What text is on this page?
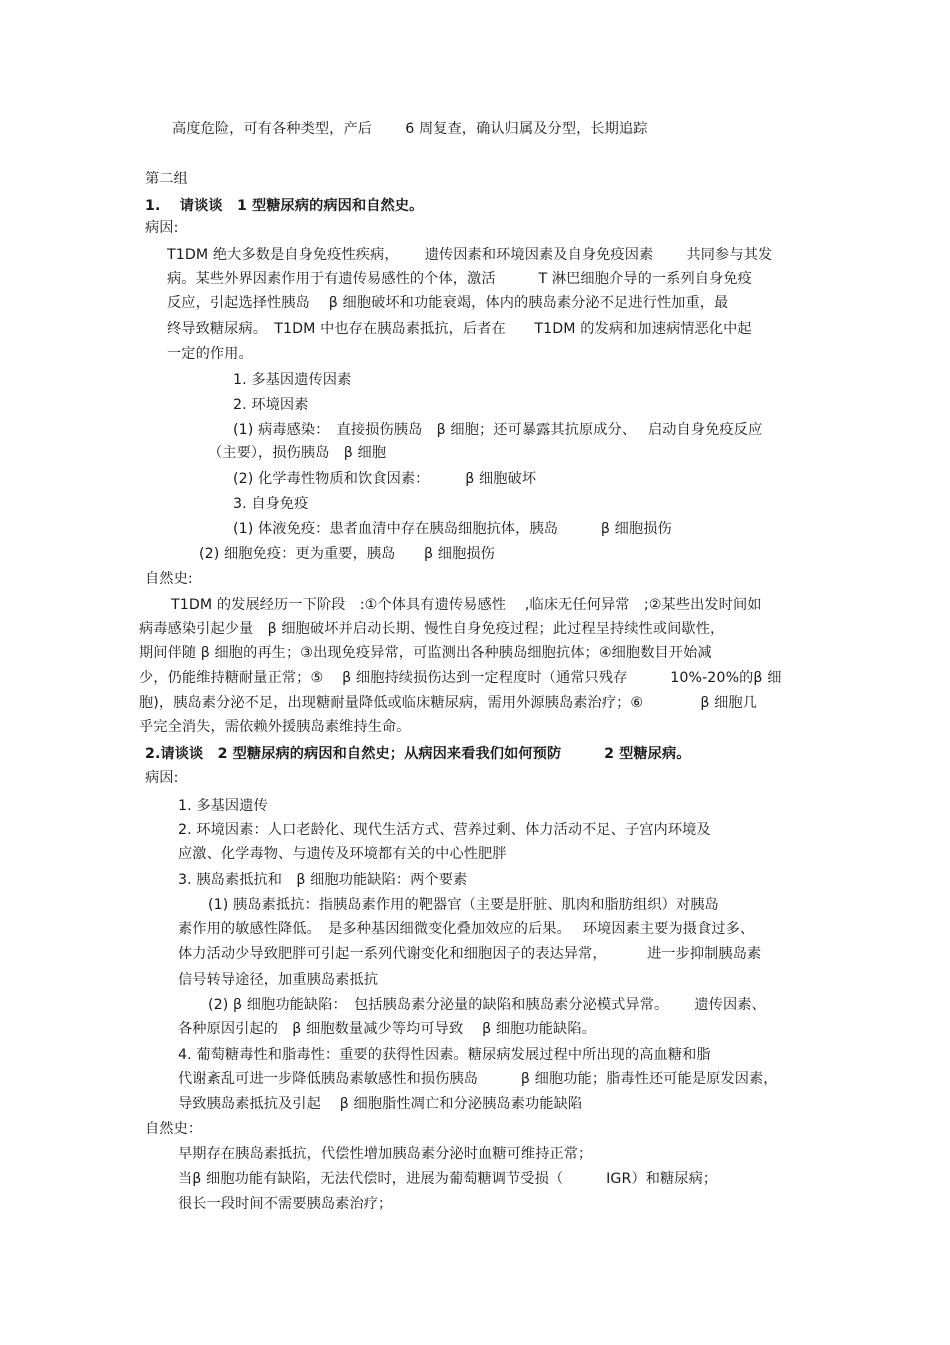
高度危险，可有各种类型，产后　　 6 周复查，确认归属及分型，长期追踪
第二组
1.　 请谈谈　1 型糖尿病的病因和自然史。
病因:
T1DM 绝大多数是自身免疫性疾病，　　 遗传因素和环境因素及自身免疫因素　　 共同参与其发
病。某些外界因素作用于有遗传易感性的个体，激活　　　T 淋巴细胞介导的一系列自身免疫
反应，引起选择性胰岛　 β 细胞破坏和功能衰竭，体内的胰岛素分泌不足进行性加重，最
终导致糖尿病。　T1DM 中也存在胰岛素抵抗，后者在　　T1DM 的发病和加速病情恶化中起
一定的作用。
1. 多基因遗传因素
2. 环境因素
(1) 病毒感染：　直接损伤胰岛　β 细胞；还可暴露其抗原成分、　 启动自身免疫反应
（主要），损伤胰岛　β 细胞
(2) 化学毒性物质和饮食因素：　　　β 细胞破坏
3. 自身免疫
(1) 体液免疫：患者血清中存在胰岛细胞抗体，胰岛　　　β 细胞损伤
(2) 细胞免疫：更为重要，胰岛　　β 细胞损伤
自然史:
T1DM 的发展经历一下阶段　:①个体具有遗传易感性　 ,临床无任何异常　;②某些出发时间如
病毒感染引起少量　β 细胞破坏并启动长期、慢性自身免疫过程；此过程呈持续性或间歇性，
期间伴随 β 细胞的再生；③出现免疫异常，可监测出各种胰岛细胞抗体；④细胞数目开始减
少，仍能维持糖耐量正常；⑤　 β 细胞持续损伤达到一定程度时（通常只残存　　　10%-20%的β 细
胞)，胰岛素分泌不足，出现糖耐量降低或临床糖尿病，需用外源胰岛素治疗；⑥　　　　β 细胞几
乎完全消失，需依赖外援胰岛素维持生命。
2.请谈谈　2 型糖尿病的病因和自然史；从病因来看我们如何预防　　　2 型糖尿病。
病因:
1. 多基因遗传
2. 环境因素：人口老龄化、现代生活方式、营养过剩、体力活动不足、子宫内环境及
应激、化学毒物、与遗传及环境都有关的中心性肥胖
3. 胰岛素抵抗和　β 细胞功能缺陷：两个要素
(1) 胰岛素抵抗：指胰岛素作用的靶器官（主要是肝脏、肌肉和脂肪组织）对胰岛
素作用的敏感性降低。　是多种基因细微变化叠加效应的后果。　 环境因素主要为摄食过多、
体力活动少导致肥胖可引起一系列代谢变化和细胞因子的表达异常，　　　 进一步抑制胰岛素
信号转导途径，加重胰岛素抵抗
(2) β 细胞功能缺陷：　包括胰岛素分泌量的缺陷和胰岛素分泌模式异常。　　 遗传因素、
各种原因引起的　β 细胞数量减少等均可导致　 β 细胞功能缺陷。
4. 葡萄糖毒性和脂毒性：重要的获得性因素。糖尿病发展过程中所出现的高血糖和脂
代谢紊乱可进一步降低胰岛素敏感性和损伤胰岛　　　β 细胞功能；脂毒性还可能是原发因素，
导致胰岛素抵抗及引起　 β 细胞脂性凋亡和分泌胰岛素功能缺陷
自然史：
早期存在胰岛素抵抗，代偿性增加胰岛素分泌时血糖可维持正常；
当β 细胞功能有缺陷，无法代偿时，进展为葡萄糖调节受损（　　　IGR）和糖尿病；
很长一段时间不需要胰岛素治疗；
